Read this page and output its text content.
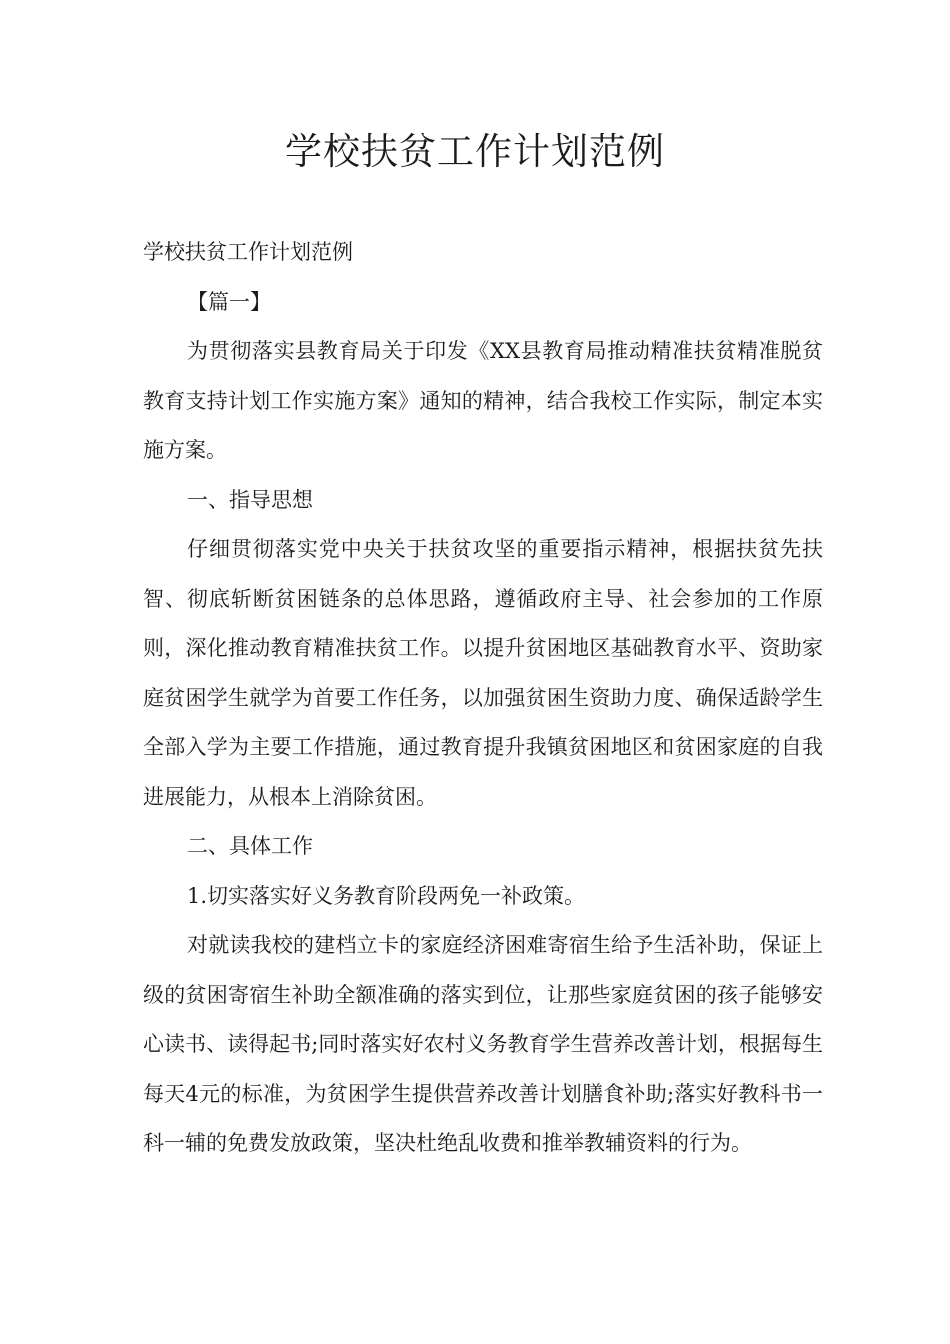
学校扶贫工作计划范例

学校扶贫工作计划范例

【篇一】

为贯彻落实县教育局关于印发《XX县教育局推动精准扶贫精准脱贫教育支持计划工作实施方案》通知的精神，结合我校工作实际，制定本实施方案。

一、指导思想

仔细贯彻落实党中央关于扶贫攻坚的重要指示精神，根据扶贫先扶智、彻底斩断贫困链条的总体思路，遵循政府主导、社会参加的工作原则，深化推动教育精准扶贫工作。以提升贫困地区基础教育水平、资助家庭贫困学生就学为首要工作任务，以加强贫困生资助力度、确保适龄学生全部入学为主要工作措施，通过教育提升我镇贫困地区和贫困家庭的自我进展能力，从根本上消除贫困。

二、具体工作

1.切实落实好义务教育阶段两免一补政策。

对就读我校的建档立卡的家庭经济困难寄宿生给予生活补助，保证上级的贫困寄宿生补助全额准确的落实到位，让那些家庭贫困的孩子能够安心读书、读得起书;同时落实好农村义务教育学生营养改善计划，根据每生每天4元的标准，为贫困学生提供营养改善计划膳食补助;落实好教科书一科一辅的免费发放政策，坚决杜绝乱收费和推举教辅资料的行为。
